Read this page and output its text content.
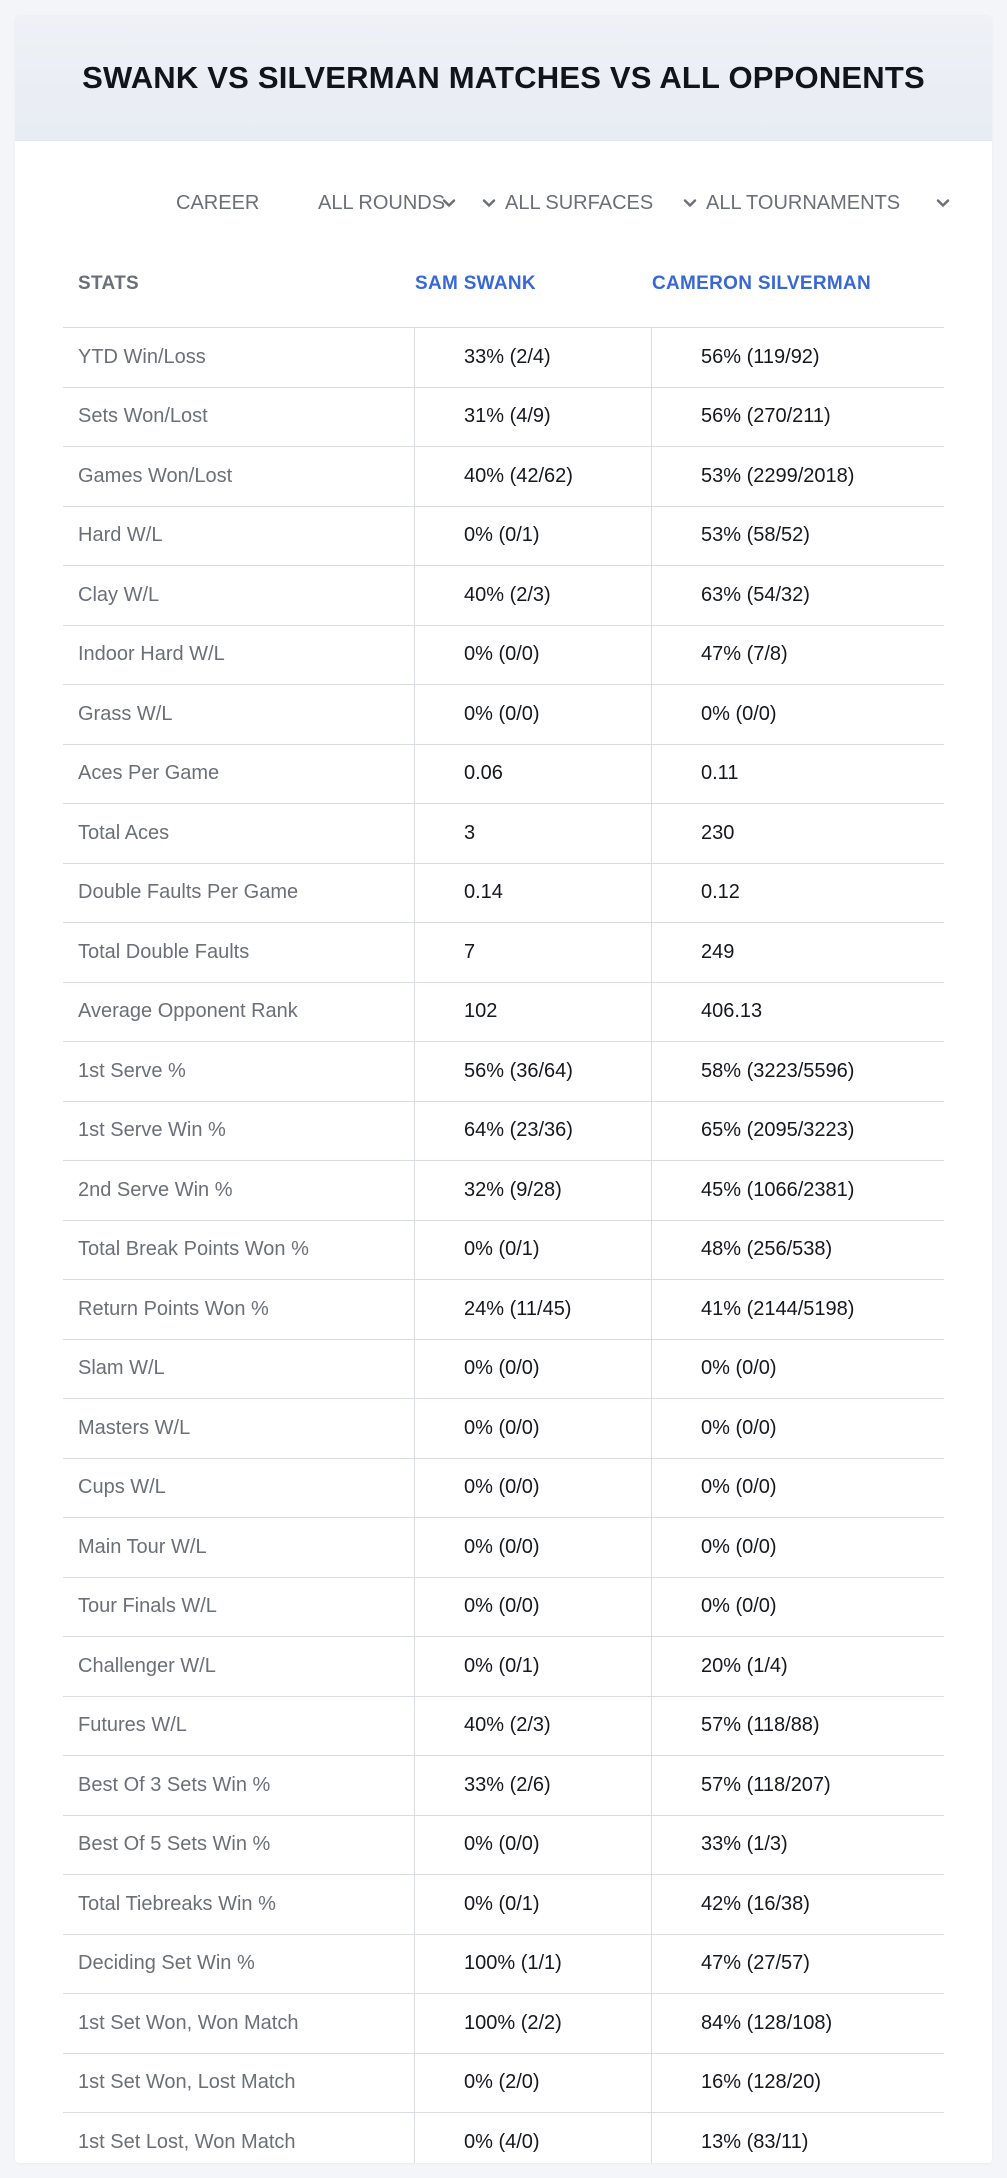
SWANK VS SILVERMAN MATCHES VS ALL OPPONENTS
CAREER	ALL ROUNDS	ALL SURFACES	ALL TOURNAMENTS
STATS	SAM SWANK	CAMERON SILVERMAN
YTD Win/Loss	33% (2/4)	56% (119/92)
Sets Won/Lost	31% (4/9)	56% (270/211)
Games Won/Lost	40% (42/62)	53% (2299/2018)
Hard W/L	0% (0/1)	53% (58/52)
Clay W/L	40% (2/3)	63% (54/32)
Indoor Hard W/L	0% (0/0)	47% (7/8)
Grass W/L	0% (0/0)	0% (0/0)
Aces Per Game	0.06	0.11
Total Aces	3	230
Double Faults Per Game	0.14	0.12
Total Double Faults	7	249
Average Opponent Rank	102	406.13
1st Serve %	56% (36/64)	58% (3223/5596)
1st Serve Win %	64% (23/36)	65% (2095/3223)
2nd Serve Win %	32% (9/28)	45% (1066/2381)
Total Break Points Won %	0% (0/1)	48% (256/538)
Return Points Won %	24% (11/45)	41% (2144/5198)
Slam W/L	0% (0/0)	0% (0/0)
Masters W/L	0% (0/0)	0% (0/0)
Cups W/L	0% (0/0)	0% (0/0)
Main Tour W/L	0% (0/0)	0% (0/0)
Tour Finals W/L	0% (0/0)	0% (0/0)
Challenger W/L	0% (0/1)	20% (1/4)
Futures W/L	40% (2/3)	57% (118/88)
Best Of 3 Sets Win %	33% (2/6)	57% (118/207)
Best Of 5 Sets Win %	0% (0/0)	33% (1/3)
Total Tiebreaks Win %	0% (0/1)	42% (16/38)
Deciding Set Win %	100% (1/1)	47% (27/57)
1st Set Won, Won Match	100% (2/2)	84% (128/108)
1st Set Won, Lost Match	0% (2/0)	16% (128/20)
1st Set Lost, Won Match	0% (4/0)	13% (83/11)
